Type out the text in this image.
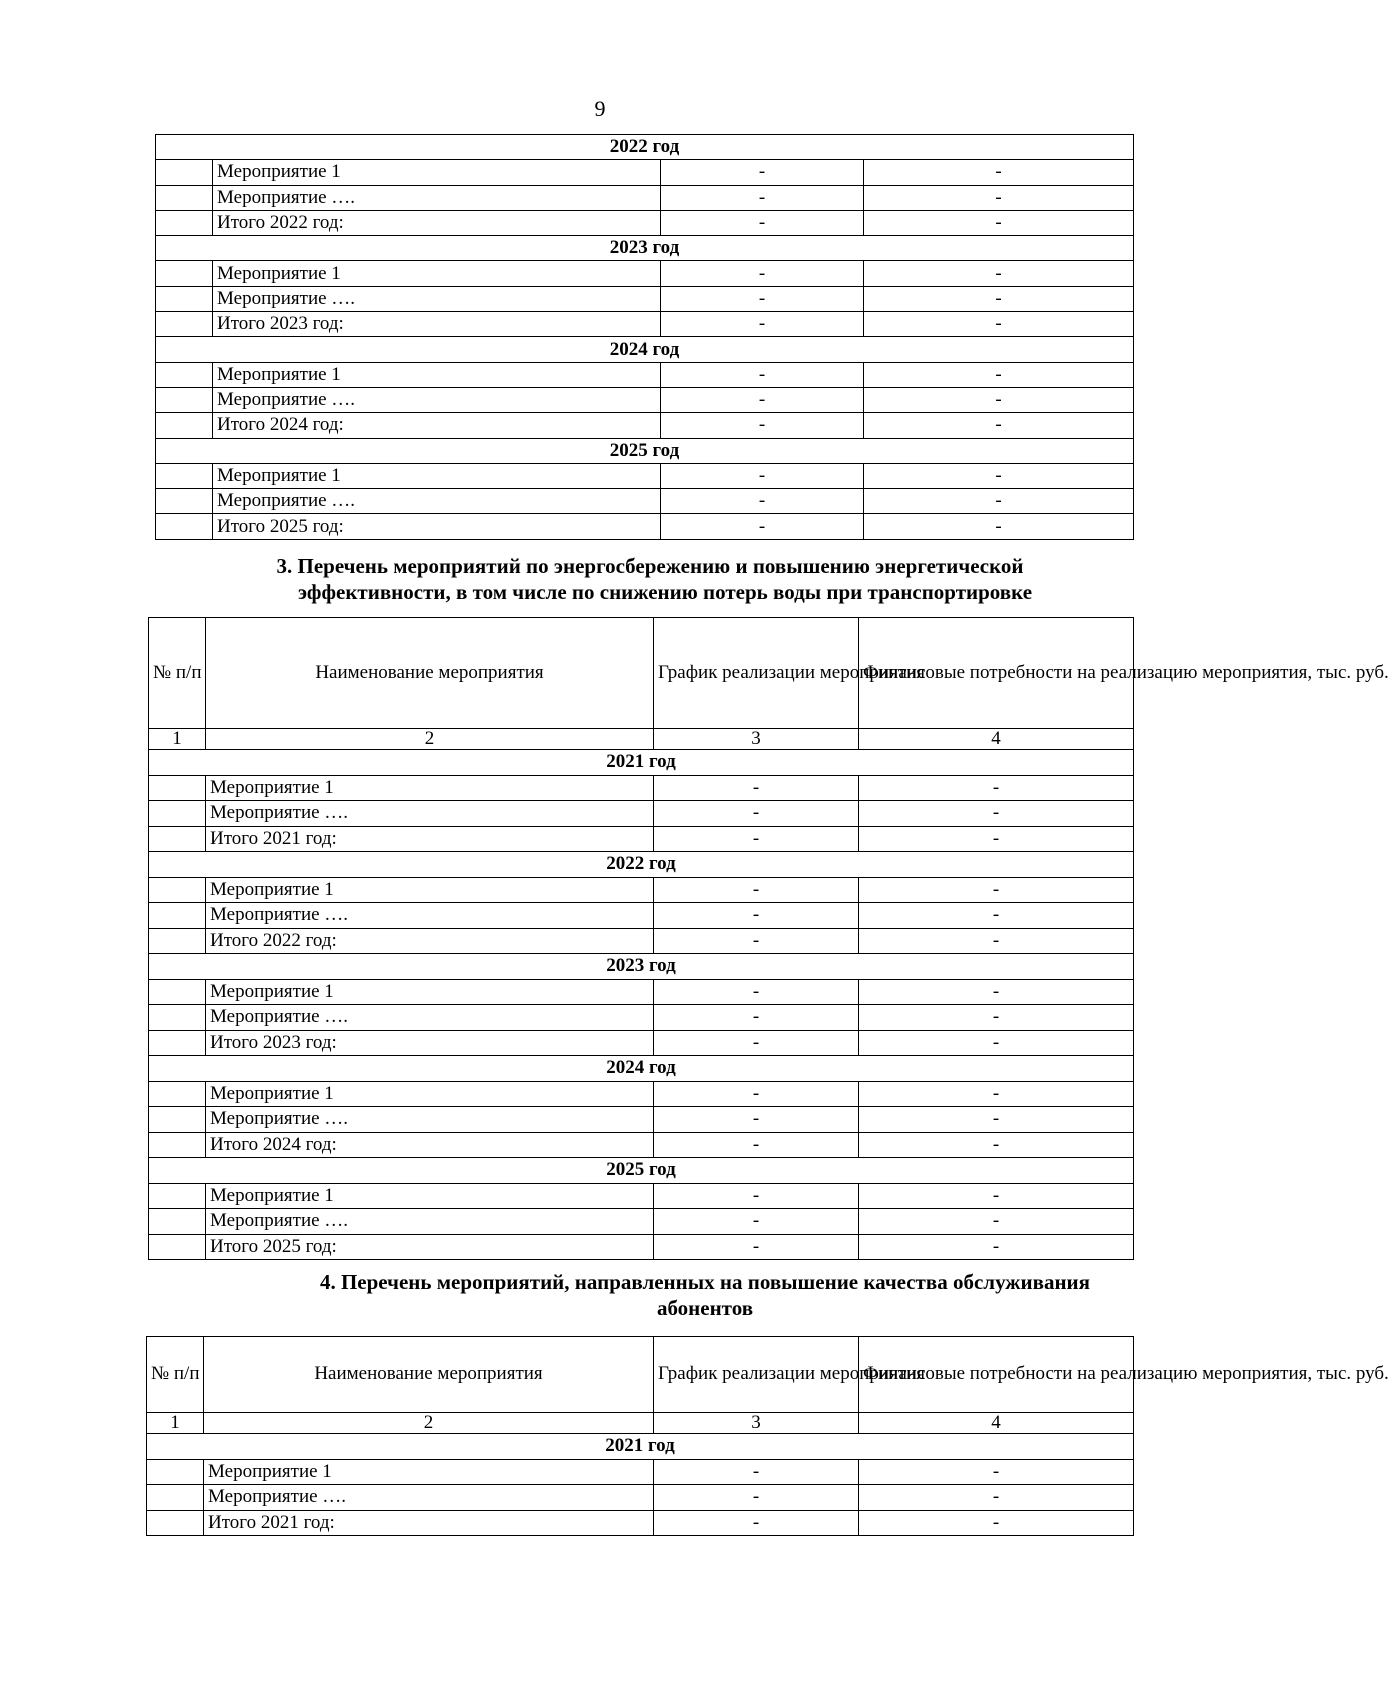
9
2022 год			
	Мероприятие 1	-	-
	Мероприятие ….	-	-
	Итого 2022 год:	-	-
2023 год			
	Мероприятие 1	-	-
	Мероприятие ….	-	-
	Итого 2023 год:	-	-
2024 год			
	Мероприятие 1	-	-
	Мероприятие ….	-	-
	Итого 2024 год:	-	-
2025 год			
	Мероприятие 1	-	-
	Мероприятие ….	-	-
	Итого 2025 год:	-	-
3. Перечень мероприятий по энергосбережению и повышению энергетической
эффективности, в том числе по снижению потерь воды при транспортировке
№ п/п	Наименование мероприятия	График реализации мероприятия	Финансовые потребности на реализацию мероприятия, тыс. руб.
1	2	3	4
2021 год			
	Мероприятие 1	-	-
	Мероприятие ….	-	-
	Итого 2021 год:	-	-
2022 год			
	Мероприятие 1	-	-
	Мероприятие ….	-	-
	Итого 2022 год:	-	-
2023 год			
	Мероприятие 1	-	-
	Мероприятие ….	-	-
	Итого 2023 год:	-	-
2024 год			
	Мероприятие 1	-	-
	Мероприятие ….	-	-
	Итого 2024 год:	-	-
2025 год			
	Мероприятие 1	-	-
	Мероприятие ….	-	-
	Итого 2025 год:	-	-
4. Перечень мероприятий, направленных на повышение качества обслуживания
абонентов
№ п/п	Наименование мероприятия	График реализации мероприятия	Финансовые потребности на реализацию мероприятия, тыс. руб.
1	2	3	4
2021 год			
	Мероприятие 1	-	-
	Мероприятие ….	-	-
	Итого 2021 год:	-	-
